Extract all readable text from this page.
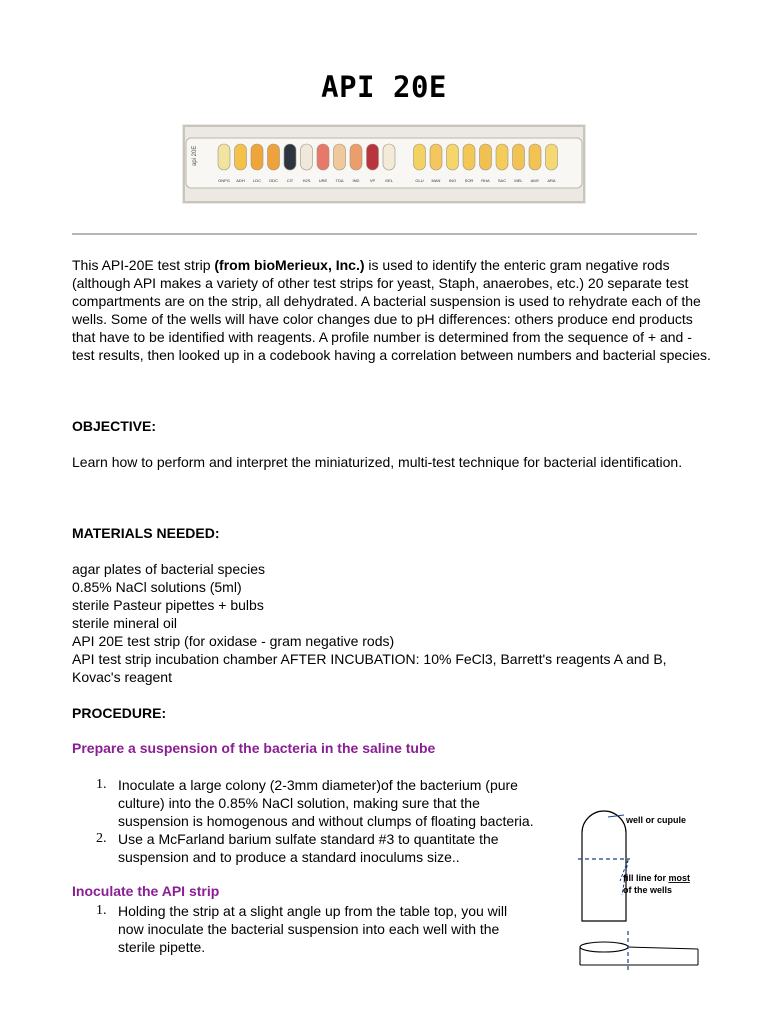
API 20E
api 20E
ONPG ADH LDC ODC CIT H2S URE TDA IND	VP GEL	GLU MAN INO SOR RHA SAC MEL AMY ARA

This API-20E test strip (from bioMerieux, Inc.) is used to identify the enteric gram negative rods (although API makes a variety of other test strips for yeast, Staph, anaerobes, etc.) 20 separate test compartments are on the strip, all dehydrated. A bacterial suspension is used to rehydrate each of the wells. Some of the wells will have color changes due to pH differences: others produce end products that have to be identified with reagents. A profile number is determined from the sequence of + and - test results, then looked up in a codebook having a correlation between numbers and bacterial species.

OBJECTIVE:

Learn how to perform and interpret the miniaturized, multi-test technique for bacterial identification.

MATERIALS NEEDED:

agar plates of bacterial species
0.85% NaCl solutions (5ml)
sterile Pasteur pipettes + bulbs
sterile mineral oil
API 20E test strip (for oxidase - gram negative rods)
API test strip incubation chamber AFTER INCUBATION: 10% FeCl3, Barrett's reagents A and B, Kovac's reagent

PROCEDURE:

Prepare a suspension of the bacteria in the saline tube

1. Inoculate a large colony (2-3mm diameter)of the bacterium (pure culture) into the 0.85% NaCl solution, making sure that the suspension is homogenous and without clumps of floating bacteria.
2. Use a McFarland barium sulfate standard #3 to quantitate the suspension and to produce a standard inoculums size..

Inoculate the API strip

1. Holding the strip at a slight angle up from the table top, you will now inoculate the bacterial suspension into each well with the sterile pipette.
well or cupule
fill line for most
of the wells
